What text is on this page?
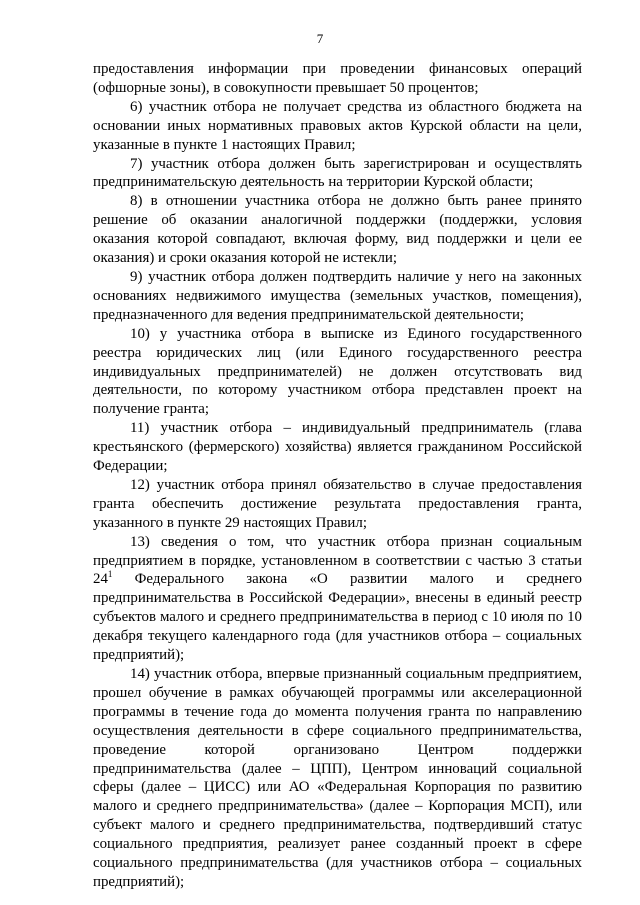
7

предоставления информации при проведении финансовых операций (офшорные зоны), в совокупности превышает 50 процентов;

6) участник отбора не получает средства из областного бюджета на основании иных нормативных правовых актов Курской области на цели, указанные в пункте 1 настоящих Правил;

7) участник отбора должен быть зарегистрирован и осуществлять предпринимательскую деятельность на территории Курской области;

8) в отношении участника отбора не должно быть ранее принято решение об оказании аналогичной поддержки (поддержки, условия оказания которой совпадают, включая форму, вид поддержки и цели ее оказания) и сроки оказания которой не истекли;

9) участник отбора должен подтвердить наличие у него на законных основаниях недвижимого имущества (земельных участков, помещения), предназначенного для ведения предпринимательской деятельности;

10) у участника отбора в выписке из Единого государственного реестра юридических лиц (или Единого государственного реестра индивидуальных предпринимателей) не должен отсутствовать вид деятельности, по которому участником отбора представлен проект на получение гранта;

11) участник отбора – индивидуальный предприниматель (глава крестьянского (фермерского) хозяйства) является гражданином Российской Федерации;

12) участник отбора принял обязательство в случае предоставления гранта обеспечить достижение результата предоставления гранта, указанного в пункте 29 настоящих Правил;

13) сведения о том, что участник отбора признан социальным предприятием в порядке, установленном в соответствии с частью 3 статьи $24^1$ Федерального закона «О развитии малого и среднего предпринимательства в Российской Федерации», внесены в единый реестр субъектов малого и среднего предпринимательства в период с 10 июля по 10 декабря текущего календарного года (для участников отбора – социальных предприятий);

14) участник отбора, впервые признанный социальным предприятием, прошел обучение в рамках обучающей программы или акселерационной программы в течение года до момента получения гранта по направлению осуществления деятельности в сфере социального предпринимательства, проведение которой организовано Центром поддержки предпринимательства (далее – ЦПП), Центром инноваций социальной сферы (далее – ЦИСС) или АО «Федеральная Корпорация по развитию малого и среднего предпринимательства» (далее – Корпорация МСП), или субъект малого и среднего предпринимательства, подтвердивший статус социального предприятия, реализует ранее созданный проект в сфере социального предпринимательства (для участников отбора – социальных предприятий);
